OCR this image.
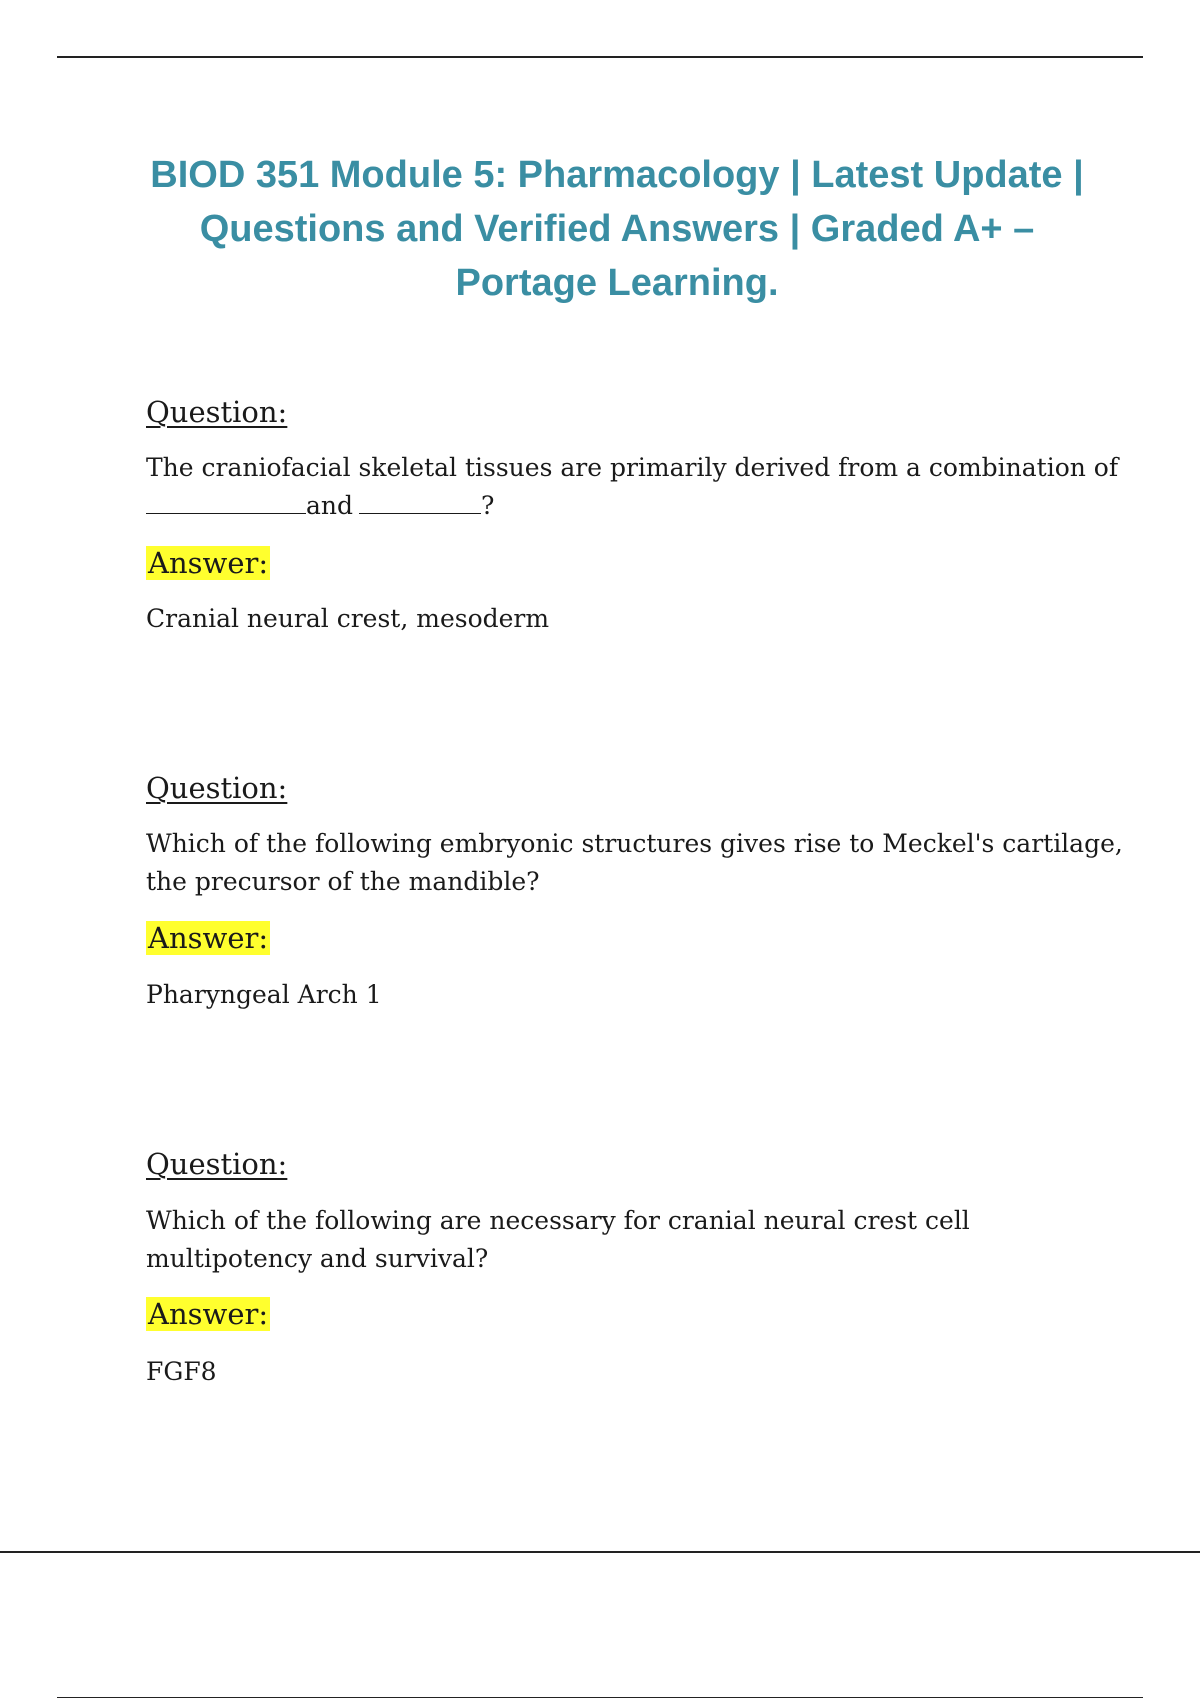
BIOD 351 Module 5: Pharmacology | Latest Update | Questions and Verified Answers | Graded A+ – Portage Learning.
Question:

The craniofacial skeletal tissues are primarily derived from a combination of
and	?

Answer:

Cranial neural crest, mesoderm

Question:

Which of the following embryonic structures gives rise to Meckel's cartilage, the precursor of the mandible?

Answer:

Pharyngeal Arch 1

Question:

Which of the following are necessary for cranial neural crest cell multipotency and survival?

Answer:

FGF8
